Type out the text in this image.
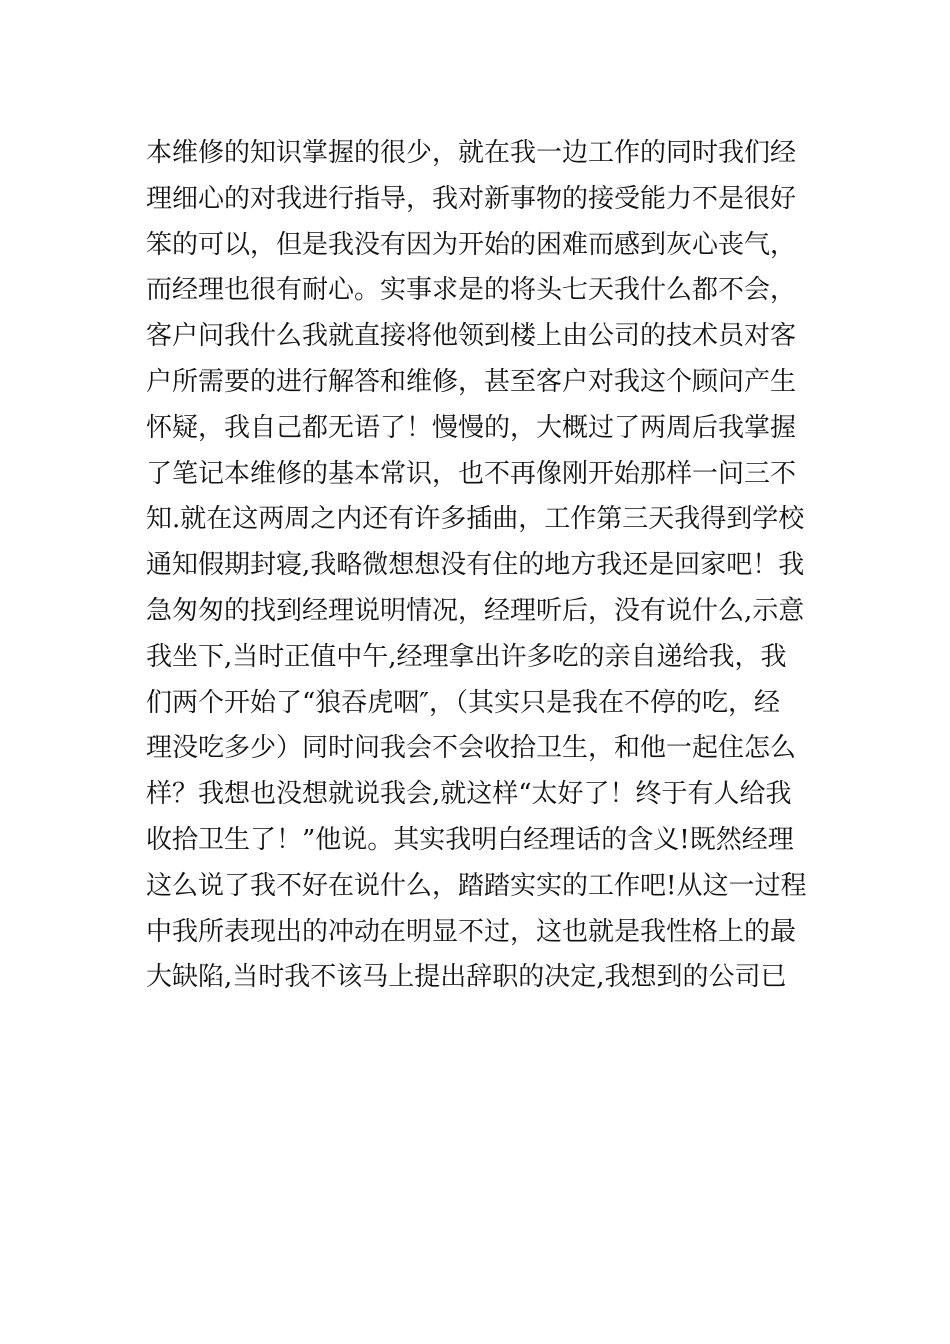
本维修的知识掌握的很少，就在我一边工作的同时我们经
理细心的对我进行指导，我对新事物的接受能力不是很好
笨的可以，但是我没有因为开始的困难而感到灰心丧气，
而经理也很有耐心。实事求是的将头七天我什么都不会，
客户问我什么我就直接将他领到楼上由公司的技术员对客
户所需要的进行解答和维修，甚至客户对我这个顾问产生
怀疑，我自己都无语了！慢慢的，大概过了两周后我掌握
了笔记本维修的基本常识，也不再像刚开始那样一问三不
知.就在这两周之内还有许多插曲，工作第三天我得到学校
通知假期封寝,我略微想想没有住的地方我还是回家吧！我
急匆匆的找到经理说明情况，经理听后，没有说什么,示意
我坐下,当时正值中午,经理拿出许多吃的亲自递给我，我
们两个开始了“狼吞虎咽″，（其实只是我在不停的吃，经
理没吃多少）同时问我会不会收拾卫生，和他一起住怎么
样？我想也没想就说我会,就这样“太好了！终于有人给我
收拾卫生了！”他说。其实我明白经理话的含义!既然经理
这么说了我不好在说什么，踏踏实实的工作吧!从这一过程
中我所表现出的冲动在明显不过，这也就是我性格上的最
大缺陷,当时我不该马上提出辞职的决定,我想到的公司已
